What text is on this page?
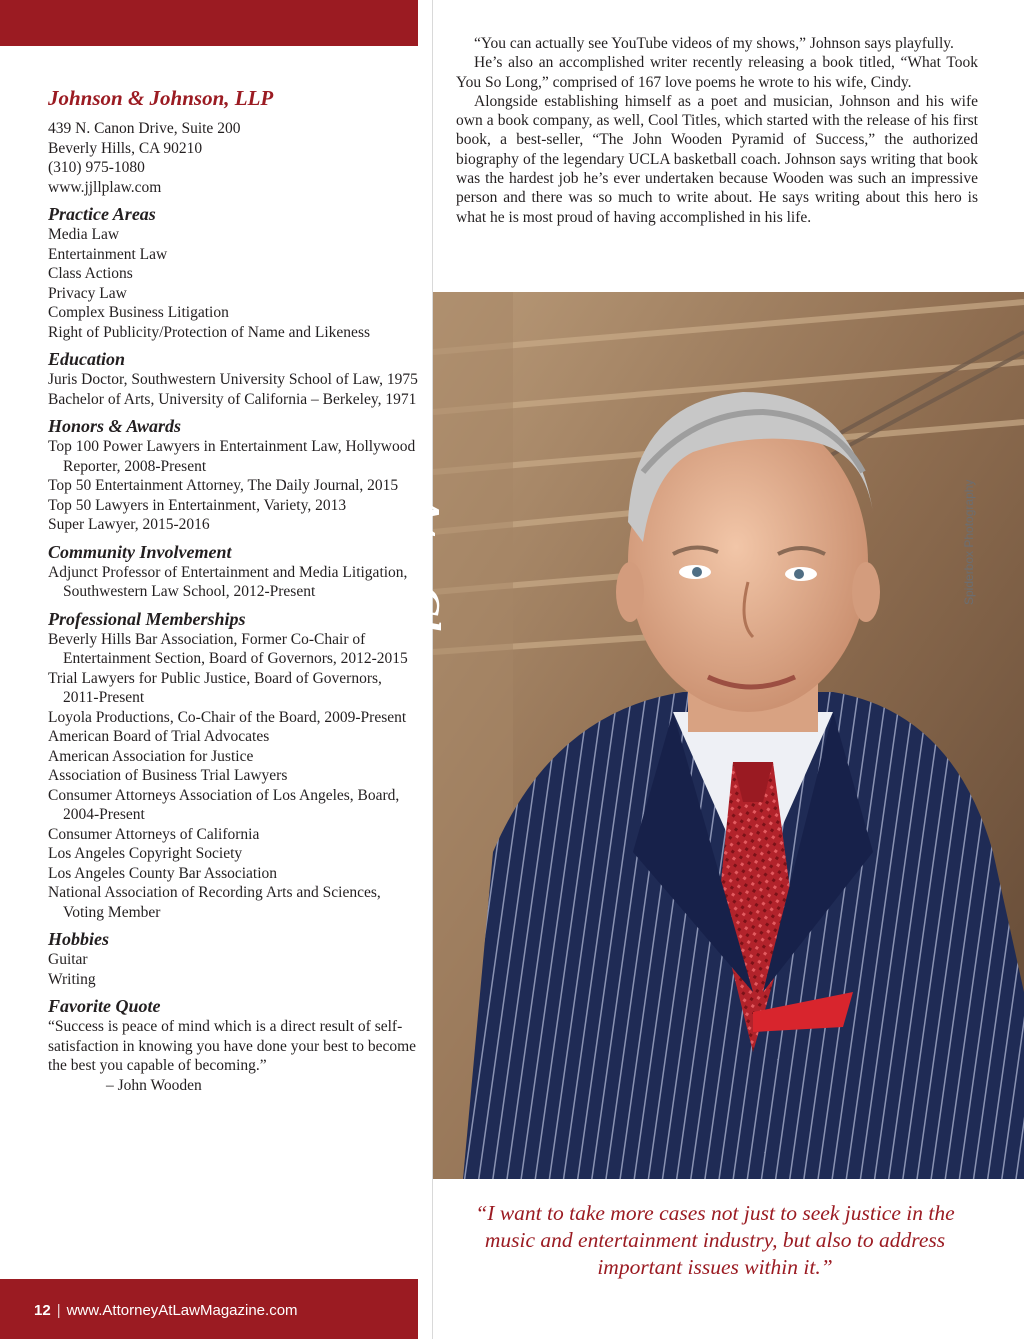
Johnson & Johnson, LLP

439 N. Canon Drive, Suite 200

Beverly Hills, CA 90210

(310) 975-1080

www.jjllplaw.com

Practice Areas

Media Law

Entertainment Law

Class Actions

Privacy Law

Complex Business Litigation

Right of Publicity/Protection of Name and Likeness

Education

Juris Doctor, Southwestern University School of Law, 1975

Bachelor of Arts, University of California – Berkeley, 1971

Honors & Awards

Top 100 Power Lawyers in Entertainment Law, Hollywood Reporter, 2008-Present

Top 50 Entertainment Attorney, The Daily Journal, 2015

Top 50 Lawyers in Entertainment, Variety, 2013

Super Lawyer, 2015-2016

Community Involvement

Adjunct Professor of Entertainment and Media Litigation, Southwestern Law School, 2012-Present

Professional Memberships

Beverly Hills Bar Association, Former Co-Chair of Entertainment Section, Board of Governors, 2012-2015

Trial Lawyers for Public Justice, Board of Governors, 2011-Present

Loyola Productions, Co-Chair of the Board, 2009-Present

American Board of Trial Advocates

American Association for Justice

Association of Business Trial Lawyers

Consumer Attorneys Association of Los Angeles, Board, 2004-Present

Consumer Attorneys of California

Los Angeles Copyright Society

Los Angeles County Bar Association

National Association of Recording Arts and Sciences, Voting Member

Hobbies

Guitar

Writing

Favorite Quote

“Success is peace of mind which is a direct result of self-satisfaction in knowing you have done your best to become the best you capable of becoming.”

– John Wooden

12 | www.AttorneyAtLawMagazine.com

“You can actually see YouTube videos of my shows,” Johnson says playfully.

He’s also an accomplished writer recently releasing a book titled, “What Took You So Long,” comprised of 167 love poems he wrote to his wife, Cindy.

Alongside establishing himself as a poet and musician, Johnson and his wife own a book company, as well, Cool Titles, which started with the release of his first book, a best-seller, “The John Wooden Pyramid of Success,” the authorized biography of the legendary UCLA basketball coach. Johnson says writing that book was the hardest job he’s ever undertaken because Wooden was such an impressive person and there was so much to write about. He says writing about this hero is what he is most proud of having accomplished in his life.

At a Glance	Spiderbox Photography
“I want to take more cases not just to seek justice in the music and entertainment industry, but also to address important issues within it.”
